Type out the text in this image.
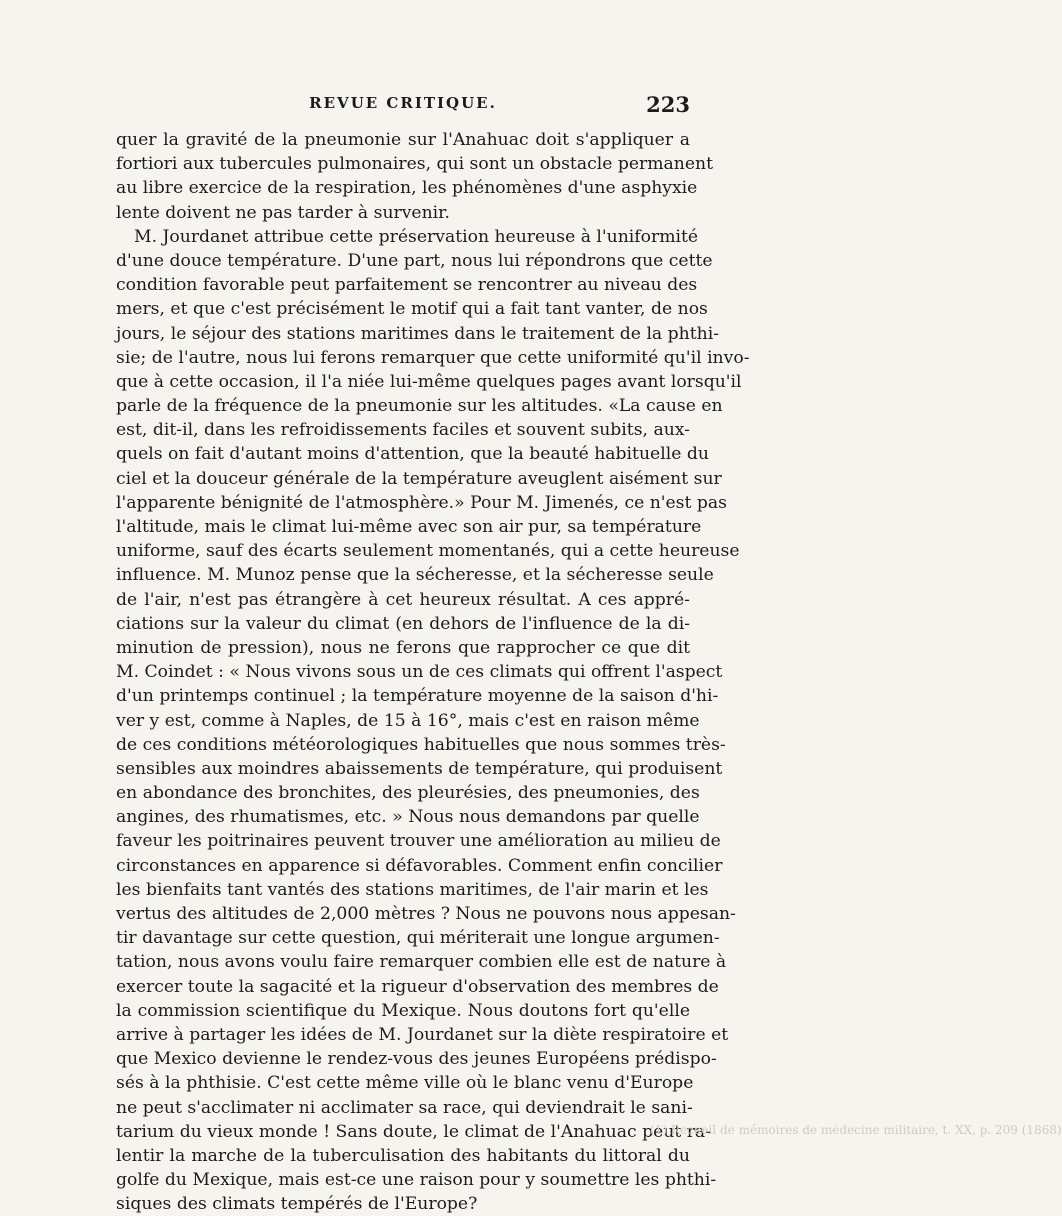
REVUE CRITIQUE.	223
quer la gravité de la pneumonie sur l'Anahuac doit s'appliquer a
fortiori aux tubercules pulmonaires, qui sont un obstacle permanent
au libre exercice de la respiration, les phénomènes d'une asphyxie
lente doivent ne pas tarder à survenir.
M. Jourdanet attribue cette préservation heureuse à l'uniformité
d'une douce température. D'une part, nous lui répondrons que cette
condition favorable peut parfaitement se rencontrer au niveau des
mers, et que c'est précisément le motif qui a fait tant vanter, de nos
jours, le séjour des stations maritimes dans le traitement de la phthi-
sie; de l'autre, nous lui ferons remarquer que cette uniformité qu'il invo-
que à cette occasion, il l'a niée lui-même quelques pages avant lorsqu'il
parle de la fréquence de la pneumonie sur les altitudes. «La cause en
est, dit-il, dans les refroidissements faciles et souvent subits, aux-
quels on fait d'autant moins d'attention, que la beauté habituelle du
ciel et la douceur générale de la température aveuglent aisément sur
l'apparente bénignité de l'atmosphère.» Pour M. Jimenés, ce n'est pas
l'altitude, mais le climat lui-même avec son air pur, sa température
uniforme, sauf des écarts seulement momentanés, qui a cette heureuse
influence. M. Munoz pense que la sécheresse, et la sécheresse seule
de l'air, n'est pas étrangère à cet heureux résultat. A ces appré-
ciations sur la valeur du climat (en dehors de l'influence de la di-
minution de pression), nous ne ferons que rapprocher ce que dit
M. Coindet : « Nous vivons sous un de ces climats qui offrent l'aspect
d'un printemps continuel ; la température moyenne de la saison d'hi-
ver y est, comme à Naples, de 15 à 16°, mais c'est en raison même
de ces conditions météorologiques habituelles que nous sommes très-
sensibles aux moindres abaissements de température, qui produisent
en abondance des bronchites, des pleurésies, des pneumonies, des
angines, des rhumatismes, etc. » Nous nous demandons par quelle
faveur les poitrinaires peuvent trouver une amélioration au milieu de
circonstances en apparence si défavorables. Comment enfin concilier
les bienfaits tant vantés des stations maritimes, de l'air marin et les
vertus des altitudes de 2,000 mètres ? Nous ne pouvons nous appesan-
tir davantage sur cette question, qui mériterait une longue argumen-
tation, nous avons voulu faire remarquer combien elle est de nature à
exercer toute la sagacité et la rigueur d'observation des membres de
la commission scientifique du Mexique. Nous doutons fort qu'elle
arrive à partager les idées de M. Jourdanet sur la diète respiratoire et
que Mexico devienne le rendez-vous des jeunes Européens prédispo-
sés à la phthisie. C'est cette même ville où le blanc venu d'Europe
ne peut s'acclimater ni acclimater sa race, qui deviendrait le sani-
tarium du vieux monde ! Sans doute, le climat de l'Anahuac peut ra-
lentir la marche de la tuberculisation des habitants du littoral du
golfe du Mexique, mais est-ce une raison pour y soumettre les phthi-
siques des climats tempérés de l'Europe?
(1) Recueil de mémoires de médecine militaire, t. XX, p. 209 (1868)
